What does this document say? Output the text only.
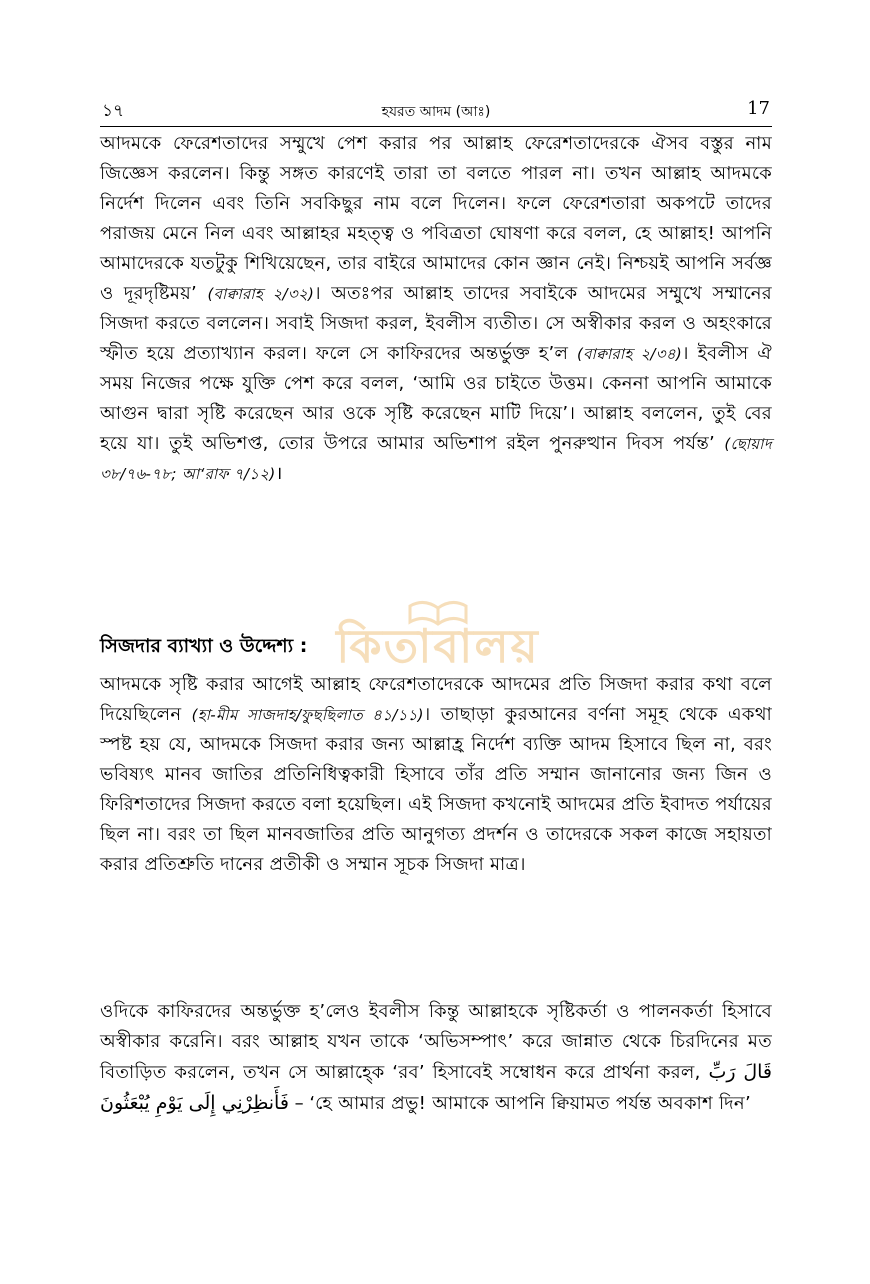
১৭	হযরত আদম (আঃ)	17

আদমকে ফেরেশতাদের সম্মুখে পেশ করার পর আল্লাহ ফেরেশতাদেরকে ঐসব বস্তুর নাম জিজ্ঞেস করলেন। কিন্তু সঙ্গত কারণেই তারা তা বলতে পারল না। তখন আল্লাহ আদমকে নির্দেশ দিলেন এবং তিনি সবকিছুর নাম বলে দিলেন। ফলে ফেরেশতারা অকপটে তাদের পরাজয় মেনে নিল এবং আল্লাহর মহত্ত্ব ও পবিত্রতা ঘোষণা করে বলল, হে আল্লাহ! আপনি আমাদেরকে যতটুকু শিখিয়েছেন, তার বাইরে আমাদের কোন জ্ঞান নেই। নিশ্চয়ই আপনি সর্বজ্ঞ ও দূরদৃষ্টিময়’ (বাক্বারাহ ২/৩২)। অতঃপর আল্লাহ তাদের সবাইকে আদমের সম্মুখে সম্মানের সিজদা করতে বললেন। সবাই সিজদা করল, ইবলীস ব্যতীত। সে অস্বীকার করল ও অহংকারে স্ফীত হয়ে প্রত্যাখ্যান করল। ফলে সে কাফিরদের অন্তর্ভুক্ত হ’ল (বাক্বারাহ ২/৩৪)। ইবলীস ঐ সময় নিজের পক্ষে যুক্তি পেশ করে বলল, ‘আমি ওর চাইতে উত্তম। কেননা আপনি আমাকে আগুন দ্বারা সৃষ্টি করেছেন আর ওকে সৃষ্টি করেছেন মাটি দিয়ে’। আল্লাহ বললেন, তুই বের হয়ে যা। তুই অভিশপ্ত, তোর উপরে আমার অভিশাপ রইল পুনরুত্থান দিবস পর্যন্ত’ (ছোয়াদ ৩৮/৭৬-৭৮; আ‘রাফ ৭/১২)।

সিজদার ব্যাখ্যা ও উদ্দেশ্য :

আদমকে সৃষ্টি করার আগেই আল্লাহ ফেরেশতাদেরকে আদমের প্রতি সিজদা করার কথা বলে দিয়েছিলেন (হা-মীম সাজদাহ/ফুছছিলাত ৪১/১১)। তাছাড়া কুরআনের বর্ণনা সমূহ থেকে একথা স্পষ্ট হয় যে, আদমকে সিজদা করার জন্য আল্লাহ্র নির্দেশ ব্যক্তি আদম হিসাবে ছিল না, বরং ভবিষ্যৎ মানব জাতির প্রতিনিধিত্বকারী হিসাবে তাঁর প্রতি সম্মান জানানোর জন্য জিন ও ফিরিশতাদের সিজদা করতে বলা হয়েছিল। এই সিজদা কখনোই আদমের প্রতি ইবাদত পর্যায়ের ছিল না। বরং তা ছিল মানবজাতির প্রতি আনুগত্য প্রদর্শন ও তাদেরকে সকল কাজে সহায়তা করার প্রতিশ্রুতি দানের প্রতীকী ও সম্মান সূচক সিজদা মাত্র।

ওদিকে কাফিরদের অন্তর্ভুক্ত হ’লেও ইবলীস কিন্তু আল্লাহকে সৃষ্টিকর্তা ও পালনকর্তা হিসাবে অস্বীকার করেনি। বরং আল্লাহ যখন তাকে ‘অভিসম্পাৎ’ করে জান্নাত থেকে চিরদিনের মত বিতাড়িত করলেন, তখন সে আল্লাহ্কে ‘রব’ হিসাবেই সম্বোধন করে প্রার্থনা করল, قَالَ رَبِّ فَأَنظِرْنِي إِلَى يَوْمِ يُبْعَثُونَ – ‘হে আমার প্রভু! আমাকে আপনি ক্বিয়ামত পর্যন্ত অবকাশ দিন’

কিতাবালয়
